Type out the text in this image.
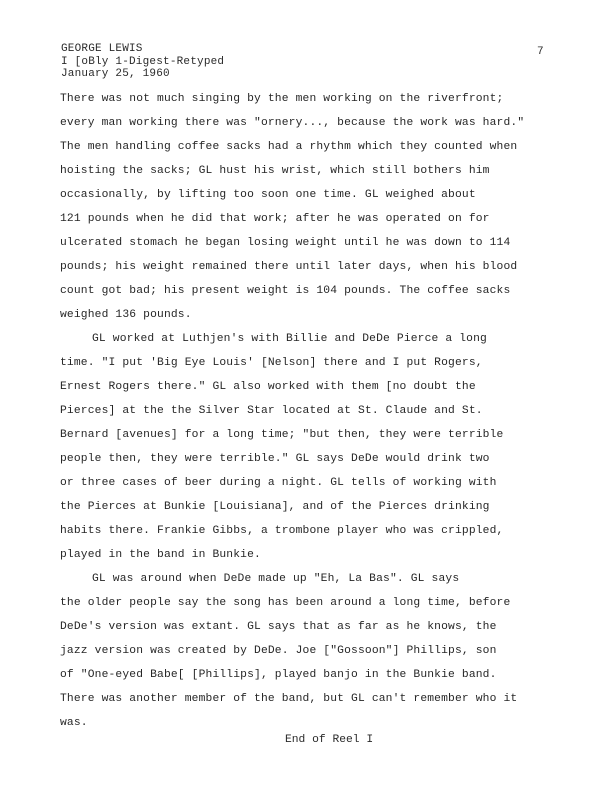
GEORGE LEWIS
I [oBly 1-Digest-Retyped
January 25, 1960
7
There was not much singing by the men working on the riverfront;
every man working there was "ornery..., because the work was hard."
The men handling coffee sacks had a rhythm which they counted when
hoisting the sacks; GL hust his wrist, which still bothers him
occasionally, by lifting too soon one time. GL weighed about
121 pounds when he did that work; after he was operated on for
ulcerated stomach he began losing weight until he was down to 114
pounds; his weight remained there until later days, when his blood
count got bad; his present weight is 104 pounds. The coffee sacks
weighed 136 pounds.
GL worked at Luthjen's with Billie and DeDe Pierce a long
time. "I put 'Big Eye Louis' [Nelson] there and I put Rogers,
Ernest Rogers there." GL also worked with them [no doubt the
Pierces] at the the Silver Star located at St. Claude and St.
Bernard [avenues] for a long time; "but then, they were terrible
people then, they were terrible." GL says DeDe would drink two
or three cases of beer during a night. GL tells of working with
the Pierces at Bunkie [Louisiana], and of the Pierces drinking
habits there. Frankie Gibbs, a trombone player who was crippled,
played in the band in Bunkie.
GL was around when DeDe made up "Eh, La Bas". GL says
the older people say the song has been around a long time, before
DeDe's version was extant. GL says that as far as he knows, the
jazz version was created by DeDe. Joe ["Gossoon"] Phillips, son
of "One-eyed Babe[ [Phillips], played banjo in the Bunkie band.
There was another member of the band, but GL can't remember who it
was.
End of Reel I
